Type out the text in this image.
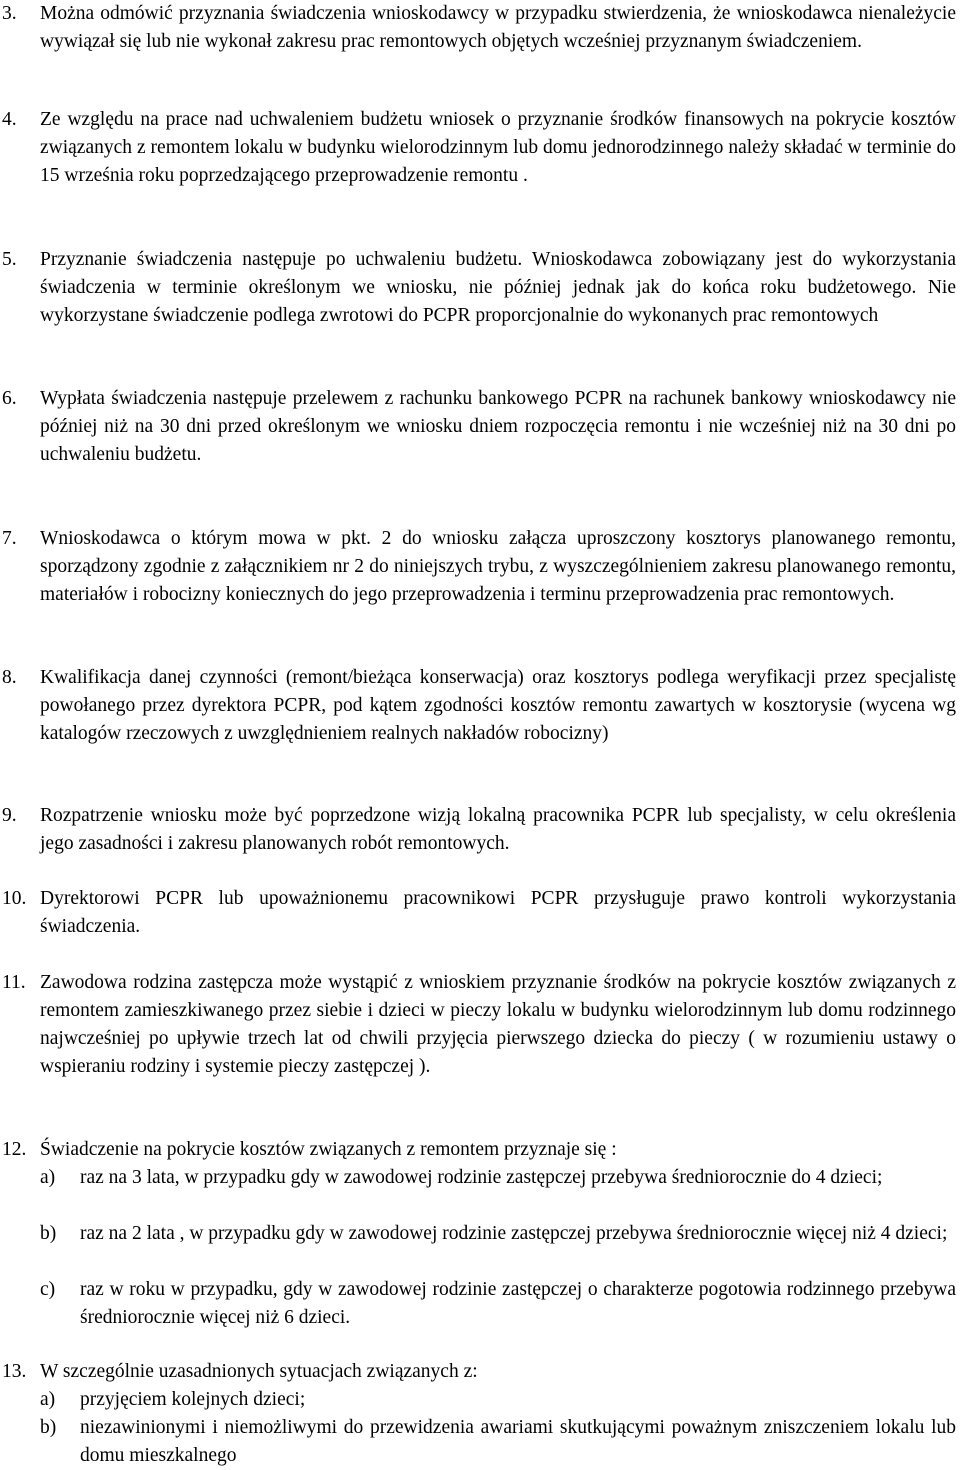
3. Można odmówić przyznania świadczenia wnioskodawcy w przypadku stwierdzenia, że wnioskodawca nienależycie wywiązał się lub nie wykonał zakresu prac remontowych objętych wcześniej przyznanym świadczeniem.
4. Ze względu na prace nad uchwaleniem budżetu wniosek o przyznanie środków finansowych na pokrycie kosztów związanych z remontem lokalu w budynku wielorodzinnym lub domu jednorodzinnego należy składać w terminie do 15 września roku poprzedzającego przeprowadzenie remontu .
5. Przyznanie świadczenia następuje po uchwaleniu budżetu. Wnioskodawca zobowiązany jest do wykorzystania świadczenia w terminie określonym we wniosku, nie później jednak jak do końca roku budżetowego. Nie wykorzystane świadczenie podlega zwrotowi do PCPR proporcjonalnie do wykonanych prac remontowych
6. Wypłata świadczenia następuje przelewem z rachunku bankowego PCPR na rachunek bankowy wnioskodawcy nie później niż na 30 dni przed określonym we wniosku dniem rozpoczęcia remontu i nie wcześniej niż na 30 dni po uchwaleniu budżetu.
7. Wnioskodawca o którym mowa w pkt. 2 do wniosku załącza uproszczony kosztorys planowanego remontu, sporządzony zgodnie z załącznikiem nr 2 do niniejszych trybu, z wyszczególnieniem zakresu planowanego remontu, materiałów i robocizny koniecznych do jego przeprowadzenia i terminu przeprowadzenia prac remontowych.
8. Kwalifikacja danej czynności (remont/bieżąca konserwacja) oraz kosztorys podlega weryfikacji przez specjalistę powołanego przez dyrektora PCPR, pod kątem zgodności kosztów remontu zawartych w kosztorysie (wycena wg katalogów rzeczowych z uwzględnieniem realnych nakładów robocizny)
9. Rozpatrzenie wniosku może być poprzedzone wizją lokalną pracownika PCPR lub specjalisty, w celu określenia jego zasadności i zakresu planowanych robót remontowych.
10. Dyrektorowi PCPR lub upoważnionemu pracownikowi PCPR przysługuje prawo kontroli wykorzystania świadczenia.
11. Zawodowa rodzina zastępcza może wystąpić z wnioskiem przyznanie środków na pokrycie kosztów związanych z remontem zamieszkiwanego przez siebie i dzieci w pieczy lokalu w budynku wielorodzinnym lub domu rodzinnego najwcześniej po upływie trzech lat od chwili przyjęcia pierwszego dziecka do pieczy ( w rozumieniu ustawy o wspieraniu rodziny i systemie pieczy zastępczej ).
12. Świadczenie na pokrycie kosztów związanych z remontem przyznaje się :
a) raz na 3 lata, w przypadku gdy w zawodowej rodzinie zastępczej przebywa średniorocznie do 4 dzieci;
b) raz na 2 lata , w przypadku gdy w zawodowej rodzinie zastępczej przebywa średniorocznie więcej niż 4 dzieci;
c) raz w roku w przypadku, gdy w zawodowej rodzinie zastępczej o charakterze pogotowia rodzinnego przebywa średniorocznie więcej niż 6 dzieci.
13. W szczególnie uzasadnionych sytuacjach związanych z:
a) przyjęciem kolejnych dzieci;
b) niezawinionymi i niemożliwymi do przewidzenia awariami skutkującymi poważnym zniszczeniem lokalu lub domu mieszkalnego
